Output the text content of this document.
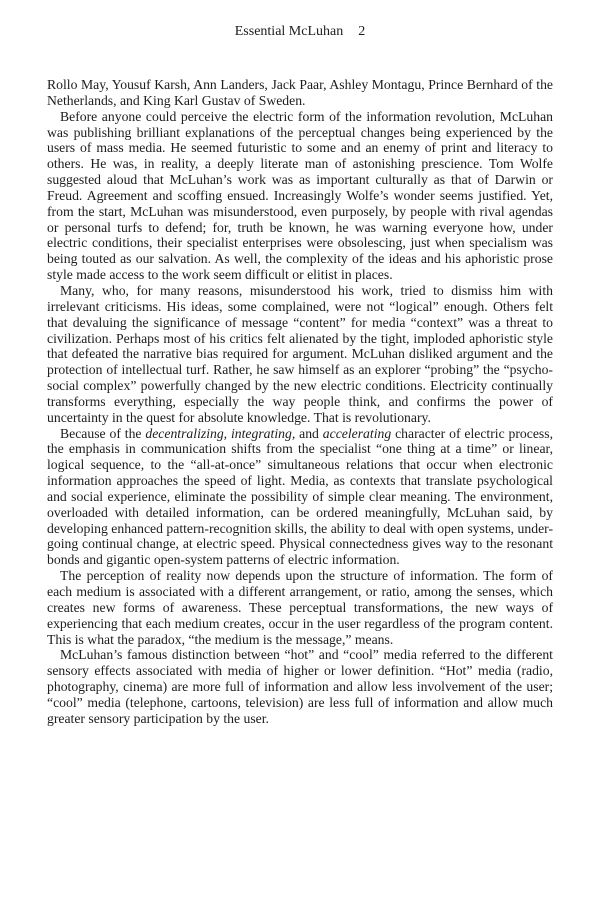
Essential McLuhan 2

Rollo May, Yousuf Karsh, Ann Landers, Jack Paar, Ashley Montagu, Prince Bernhard of the Netherlands, and King Karl Gustav of Sweden.

Before anyone could perceive the electric form of the information revolution, McLuhan was publishing brilliant explanations of the perceptual changes being experienced by the users of mass media. He seemed futuristic to some and an enemy of print and literacy to others. He was, in reality, a deeply literate man of astonishing prescience. Tom Wolfe suggested aloud that McLuhan’s work was as important culturally as that of Darwin or Freud. Agreement and scoffing ensued. Increasingly Wolfe’s wonder seems justified. Yet, from the start, McLuhan was misunderstood, even purposely, by people with rival agendas or personal turfs to defend; for, truth be known, he was warning everyone how, under electric conditions, their specialist enterprises were obsolescing, just when specialism was being touted as our salvation. As well, the complexity of the ideas and his aphoristic prose style made access to the work seem difficult or elitist in places.

Many, who, for many reasons, misunderstood his work, tried to dismiss him with irrelevant criticisms. His ideas, some complained, were not “logical” enough. Others felt that devaluing the significance of message “content” for media “context” was a threat to civilization. Perhaps most of his critics felt alienated by the tight, imploded aphoristic style that defeated the narrative bias required for argument. McLuhan disliked argument and the protection of intellectual turf. Rather, he saw himself as an explorer “probing” the “psycho-social complex” powerfully changed by the new electric conditions. Electricity continually transforms everything, especially the way people think, and confirms the power of uncertainty in the quest for absolute knowledge. That is revolutionary.

Because of the decentralizing, integrating, and accelerating character of electric process, the emphasis in communication shifts from the specialist “one thing at a time” or linear, logical sequence, to the “all-at-once” simultaneous relations that occur when electronic information approaches the speed of light. Media, as contexts that translate psychological and social experience, eliminate the possibility of simple clear meaning. The environment, overloaded with detailed information, can be ordered meaningfully, McLuhan said, by developing enhanced pattern-recognition skills, the ability to deal with open systems, under-going continual change, at electric speed. Physical connectedness gives way to the resonant bonds and gigantic open-system patterns of electric information.

The perception of reality now depends upon the structure of information. The form of each medium is associated with a different arrangement, or ratio, among the senses, which creates new forms of awareness. These perceptual transformations, the new ways of experiencing that each medium creates, occur in the user regardless of the program content. This is what the paradox, “the medium is the message,” means.

McLuhan’s famous distinction between “hot” and “cool” media referred to the different sensory effects associated with media of higher or lower definition. “Hot” media (radio, photography, cinema) are more full of information and allow less involvement of the user; “cool” media (telephone, cartoons, television) are less full of information and allow much greater sensory participation by the user.
